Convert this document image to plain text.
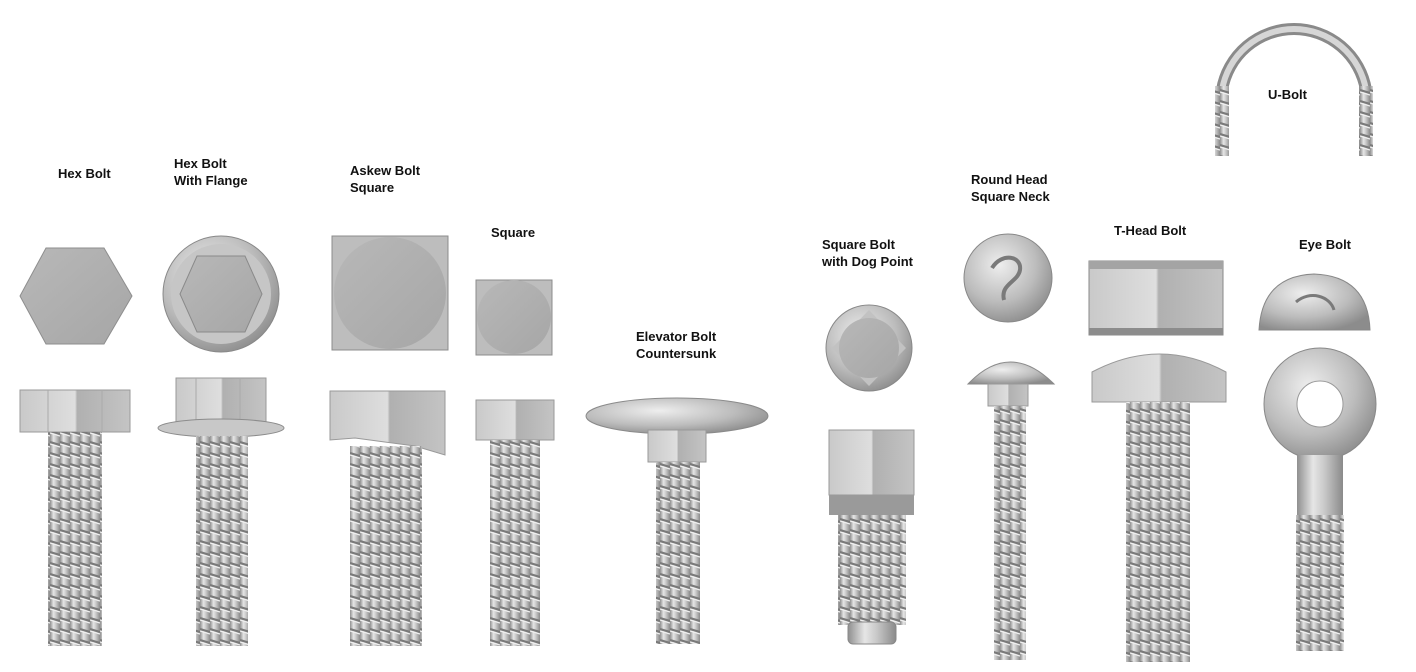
Hex Bolt
Hex Bolt
With Flange
Askew Bolt
Square
Square
Elevator Bolt
Countersunk
Square Bolt
with Dog Point
Round Head
Square Neck
T-Head Bolt
Eye Bolt
U-Bolt
